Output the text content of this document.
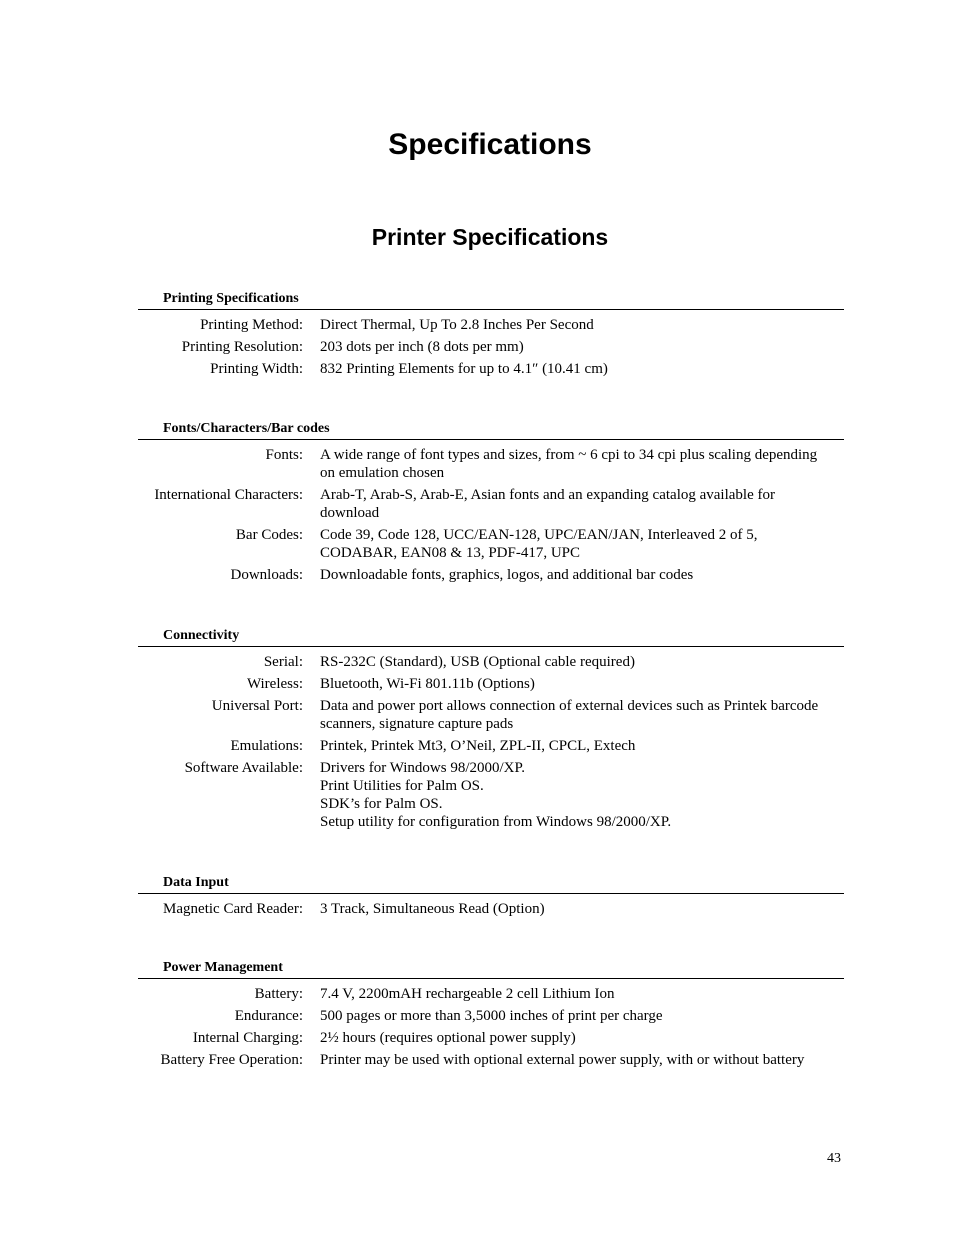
Specifications
Printer Specifications
Printing Specifications
Printing Method: Direct Thermal, Up To 2.8 Inches Per Second
Printing Resolution: 203 dots per inch (8 dots per mm)
Printing Width: 832 Printing Elements for up to 4.1″ (10.41 cm)
Fonts/Characters/Bar codes
Fonts: A wide range of font types and sizes, from ~ 6 cpi to 34 cpi plus scaling depending
on emulation chosen
International Characters: Arab-T, Arab-S, Arab-E, Asian fonts and an expanding catalog available for
download
Bar Codes: Code 39, Code 128, UCC/EAN-128, UPC/EAN/JAN, Interleaved 2 of 5,
CODABAR, EAN08 & 13, PDF-417, UPC
Downloads: Downloadable fonts, graphics, logos, and additional bar codes
Connectivity
Serial: RS-232C (Standard), USB (Optional cable required)
Wireless: Bluetooth, Wi-Fi 801.11b (Options)
Universal Port: Data and power port allows connection of external devices such as Printek barcode
scanners, signature capture pads
Emulations: Printek, Printek Mt3, O’Neil, ZPL-II, CPCL, Extech
Software Available: Drivers for Windows 98/2000/XP.
Print Utilities for Palm OS.
SDK’s for Palm OS.
Setup utility for configuration from Windows 98/2000/XP.
Data Input
Magnetic Card Reader: 3 Track, Simultaneous Read (Option)
Power Management
Battery: 7.4 V, 2200mAH rechargeable 2 cell Lithium Ion
Endurance: 500 pages or more than 3,5000 inches of print per charge
Internal Charging: 2½ hours (requires optional power supply)
Battery Free Operation: Printer may be used with optional external power supply, with or without battery
43
